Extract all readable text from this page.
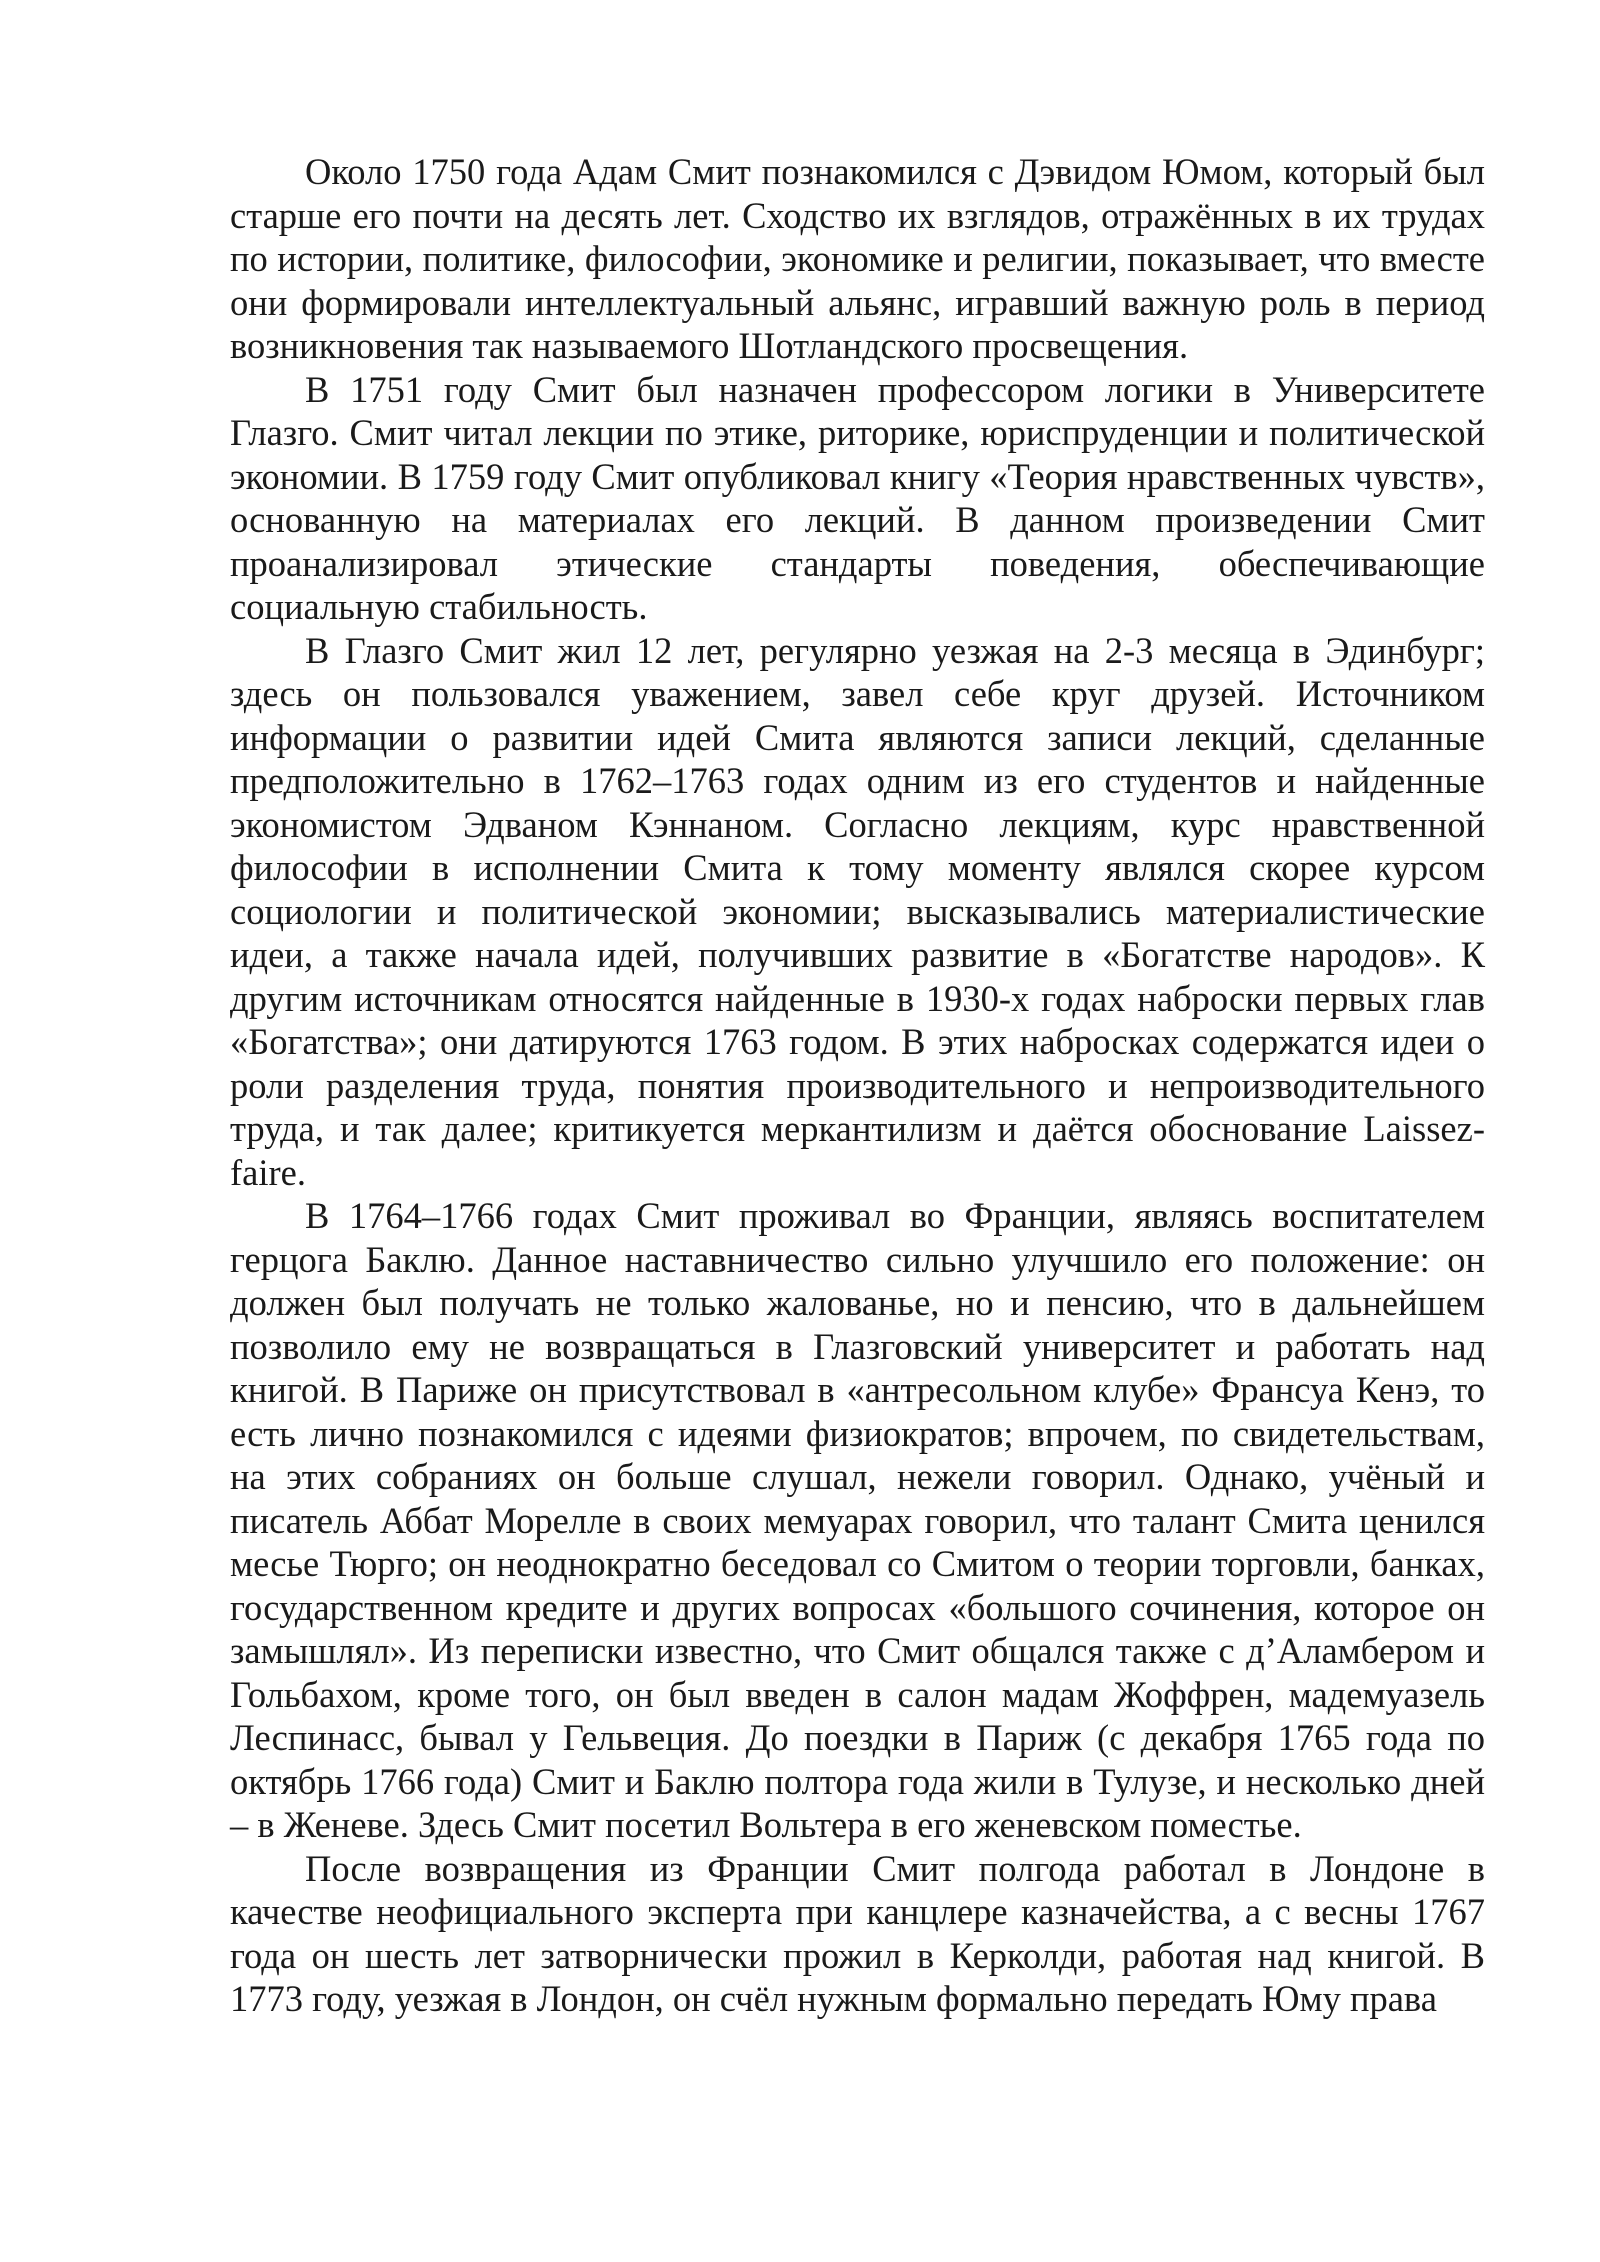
Около 1750 года Адам Смит познакомился с Дэвидом Юмом, который был старше его почти на десять лет. Сходство их взглядов, отражённых в их трудах по истории, политике, философии, экономике и религии, показывает, что вместе они формировали интеллектуальный альянс, игравший важную роль в период возникновения так называемого Шотландского просвещения.

В 1751 году Смит был назначен профессором логики в Университете Глазго. Смит читал лекции по этике, риторике, юриспруденции и политической экономии. В 1759 году Смит опубликовал книгу «Теория нравственных чувств», основанную на материалах его лекций. В данном произведении Смит проанализировал этические стандарты поведения, обеспечивающие социальную стабильность.

В Глазго Смит жил 12 лет, регулярно уезжая на 2-3 месяца в Эдинбург; здесь он пользовался уважением, завел себе круг друзей. Источником информации о развитии идей Смита являются записи лекций, сделанные предположительно в 1762–1763 годах одним из его студентов и найденные экономистом Эдваном Кэннаном. Согласно лекциям, курс нравственной философии в исполнении Смита к тому моменту являлся скорее курсом социологии и политической экономии; высказывались материалистические идеи, а также начала идей, получивших развитие в «Богатстве народов». К другим источникам относятся найденные в 1930-х годах наброски первых глав «Богатства»; они датируются 1763 годом. В этих набросках содержатся идеи о роли разделения труда, понятия производительного и непроизводительного труда, и так далее; критикуется меркантилизм и даётся обоснование Laissez-faire.

В 1764–1766 годах Смит проживал во Франции, являясь воспитателем герцога Баклю. Данное наставничество сильно улучшило его положение: он должен был получать не только жалованье, но и пенсию, что в дальнейшем позволило ему не возвращаться в Глазговский университет и работать над книгой. В Париже он присутствовал в «антресольном клубе» Франсуа Кенэ, то есть лично познакомился с идеями физиократов; впрочем, по свидетельствам, на этих собраниях он больше слушал, нежели говорил. Однако, учёный и писатель Аббат Морелле в своих мемуарах говорил, что талант Смита ценился месье Тюрго; он неоднократно беседовал со Смитом о теории торговли, банках, государственном кредите и других вопросах «большого сочинения, которое он замышлял». Из переписки известно, что Смит общался также с д’Аламбером и Гольбахом, кроме того, он был введен в салон мадам Жоффрен, мадемуазель Леспинасс, бывал у Гельвеция. До поездки в Париж (с декабря 1765 года по октябрь 1766 года) Смит и Баклю полтора года жили в Тулузе, и несколько дней – в Женеве. Здесь Смит посетил Вольтера в его женевском поместье.

После возвращения из Франции Смит полгода работал в Лондоне в качестве неофициального эксперта при канцлере казначейства, а с весны 1767 года он шесть лет затворнически прожил в Керколди, работая над книгой. В 1773 году, уезжая в Лондон, он счёл нужным формально передать Юму права
